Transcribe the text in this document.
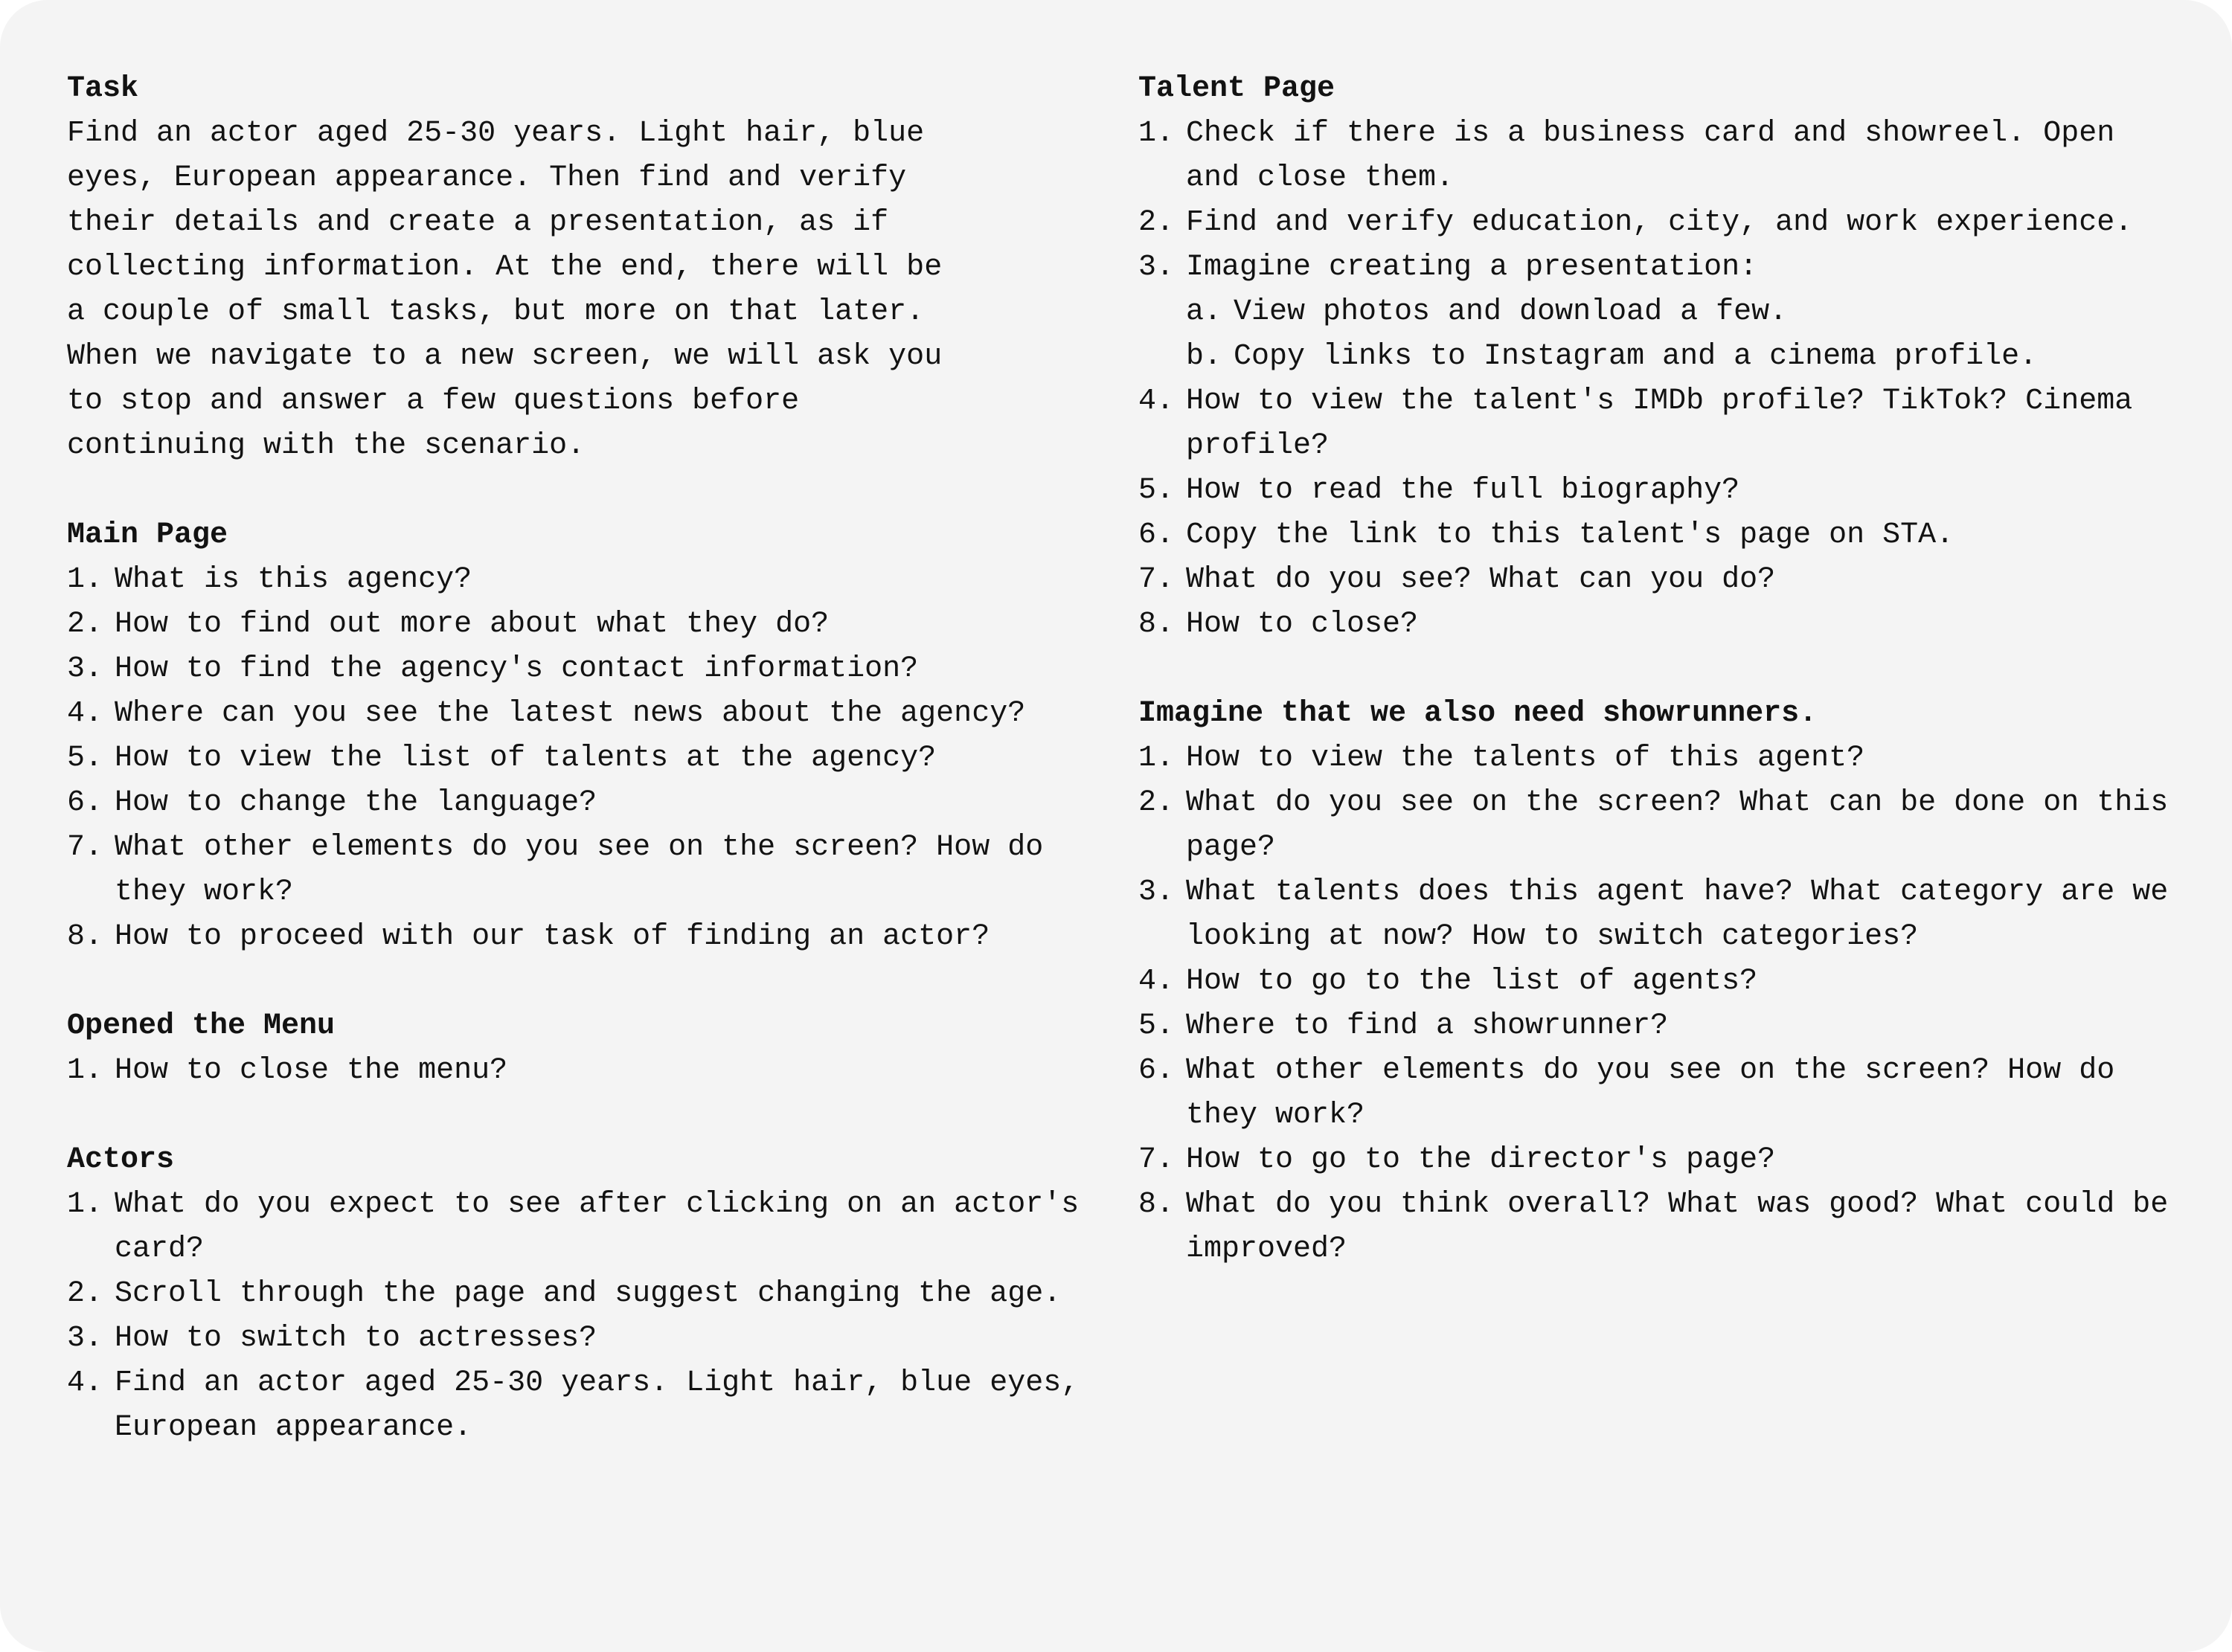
Task

Find an actor aged 25-30 years. Light hair, blue

eyes, European appearance. Then find and verify

their details and create a presentation, as if

collecting information. At the end, there will be

a couple of small tasks, but more on that later.

When we navigate to a new screen, we will ask you

to stop and answer a few questions before

continuing with the scenario.

Main Page
1. What is this agency?
2. How to find out more about what they do?
3. How to find the agency's contact information?
4. Where can you see the latest news about the agency?
5. How to view the list of talents at the agency?
6. How to change the language?
7. What other elements do you see on the screen? How do they work?
8. How to proceed with our task of finding an actor?
Opened the Menu
1. How to close the menu?
Actors
1. What do you expect to see after clicking on an actor's card?
2. Scroll through the page and suggest changing the age.
3. How to switch to actresses?
4. Find an actor aged 25-30 years. Light hair, blue eyes, European appearance.
Talent Page
1. Check if there is a business card and showreel. Open and close them.
2. Find and verify education, city, and work experience.
3. Imagine creating a presentation:
a. View photos and download a few.
b. Copy links to Instagram and a cinema profile.
4. How to view the talent's IMDb profile? TikTok? Cinema profile?
5. How to read the full biography?
6. Copy the link to this talent's page on STA.
7. What do you see? What can you do?
8. How to close?
Imagine that we also need showrunners.
1. How to view the talents of this agent?
2. What do you see on the screen? What can be done on this page?
3. What talents does this agent have? What category are we looking at now? How to switch categories?
4. How to go to the list of agents?
5. Where to find a showrunner?
6. What other elements do you see on the screen? How do they work?
7. How to go to the director's page?
8. What do you think overall? What was good? What could be improved?
